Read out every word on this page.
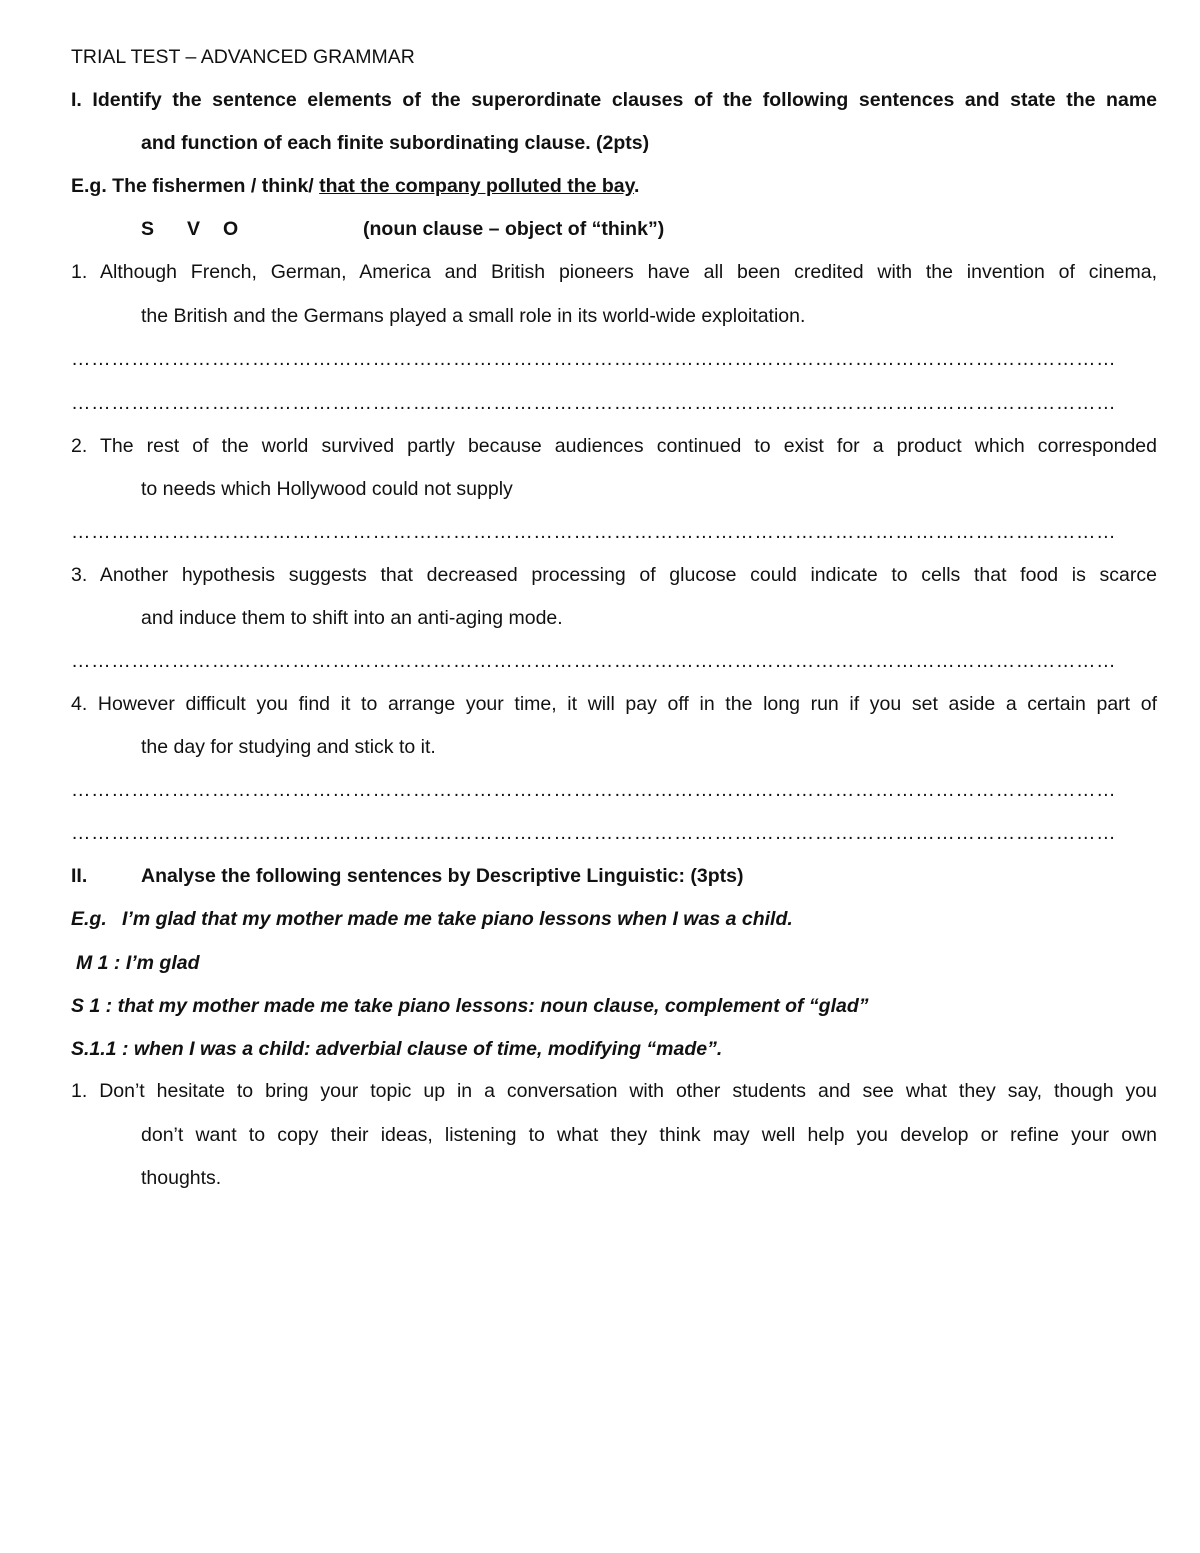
TRIAL TEST – ADVANCED GRAMMAR
I. Identify the sentence elements of the superordinate clauses of the following sentences and state the name
and function of each finite subordinating clause. (2pts)
E.g. The fishermen / think/ that the company polluted the bay.
S V O	(noun clause – object of “think”)
1. Although French, German, America and British pioneers have all been credited with the invention of cinema,
the British and the Germans played a small role in its world-wide exploitation.
…………………………………………………………………………………………………………………………………………
…………………………………………………………………………………………………………………………………………
2. The rest of the world survived partly because audiences continued to exist for a product which corresponded
to needs which Hollywood could not supply
…………………………………………………………………………………………………………………………………………
3. Another hypothesis suggests that decreased processing of glucose could indicate to cells that food is scarce
and induce them to shift into an anti-aging mode.
…………………………………………………………………………………………………………………………………………
4. However difficult you find it to arrange your time, it will pay off in the long run if you set aside a certain part of
the day for studying and stick to it.
…………………………………………………………………………………………………………………………………………
…………………………………………………………………………………………………………………………………………
II.	Analyse the following sentences by Descriptive Linguistic: (3pts)
E.g. I’m glad that my mother made me take piano lessons when I was a child.
M 1 : I’m glad
S 1 : that my mother made me take piano lessons: noun clause, complement of “glad”
S.1.1 : when I was a child: adverbial clause of time, modifying “made”.
1. Don’t hesitate to bring your topic up in a conversation with other students and see what they say, though you
don’t want to copy their ideas, listening to what they think may well help you develop or refine your own
thoughts.
